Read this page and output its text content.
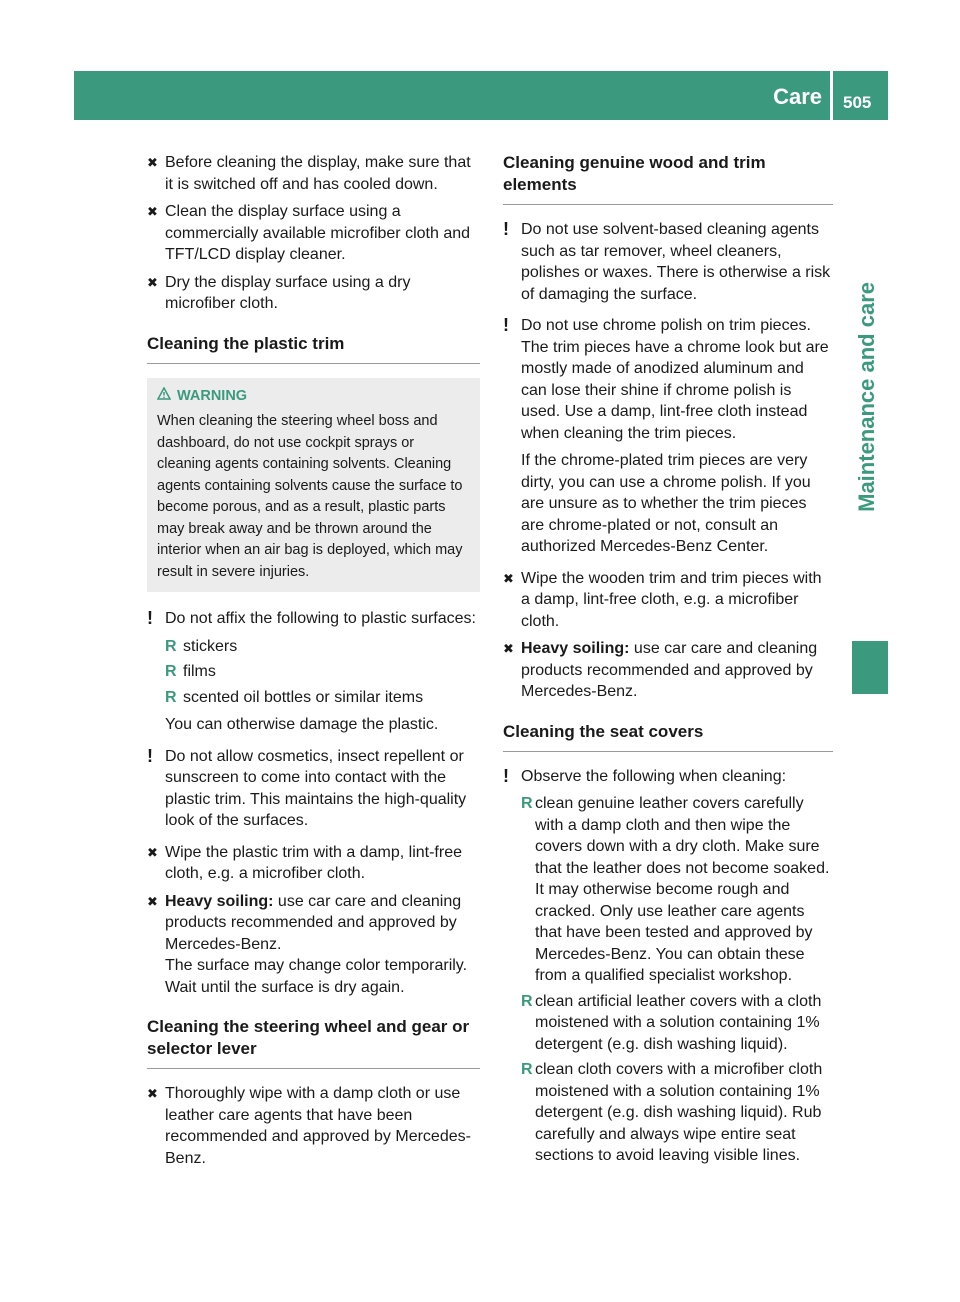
Care 505
Maintenance and care
✖ Before cleaning the display, make sure that it is switched off and has cooled down.
✖ Clean the display surface using a commercially available microfiber cloth and TFT/LCD display cleaner.
✖ Dry the display surface using a dry microfiber cloth.
Cleaning the plastic trim
WARNING
When cleaning the steering wheel boss and dashboard, do not use cockpit sprays or cleaning agents containing solvents. Cleaning agents containing solvents cause the surface to become porous, and as a result, plastic parts may break away and be thrown around the interior when an air bag is deployed, which may result in severe injuries.
! Do not affix the following to plastic surfaces:

R stickers
R films
R scented oil bottles or similar items

You can otherwise damage the plastic.

! Do not allow cosmetics, insect repellent or sunscreen to come into contact with the plastic trim. This maintains the high-quality look of the surfaces.

✖ Wipe the plastic trim with a damp, lint-free cloth, e.g. a microfiber cloth.
✖ Heavy soiling: use car care and cleaning products recommended and approved by Mercedes-Benz.
The surface may change color temporarily. Wait until the surface is dry again.
Cleaning the steering wheel and gear or selector lever
✖ Thoroughly wipe with a damp cloth or use leather care agents that have been recommended and approved by Mercedes-Benz.
Cleaning genuine wood and trim elements
! Do not use solvent-based cleaning agents such as tar remover, wheel cleaners, polishes or waxes. There is otherwise a risk of damaging the surface.

! Do not use chrome polish on trim pieces. The trim pieces have a chrome look but are mostly made of anodized aluminum and can lose their shine if chrome polish is used. Use a damp, lint-free cloth instead when cleaning the trim pieces.

If the chrome-plated trim pieces are very dirty, you can use a chrome polish. If you are unsure as to whether the trim pieces are chrome-plated or not, consult an authorized Mercedes-Benz Center.

✖ Wipe the wooden trim and trim pieces with a damp, lint-free cloth, e.g. a microfiber cloth.
✖ Heavy soiling: use car care and cleaning products recommended and approved by Mercedes-Benz.
Cleaning the seat covers
! Observe the following when cleaning:

R clean genuine leather covers carefully with a damp cloth and then wipe the covers down with a dry cloth. Make sure that the leather does not become soaked. It may otherwise become rough and cracked. Only use leather care agents that have been tested and approved by Mercedes-Benz. You can obtain these from a qualified specialist workshop.
R clean artificial leather covers with a cloth moistened with a solution containing 1% detergent (e.g. dish washing liquid).
R clean cloth covers with a microfiber cloth moistened with a solution containing 1% detergent (e.g. dish washing liquid). Rub carefully and always wipe entire seat sections to avoid leaving visible lines.
